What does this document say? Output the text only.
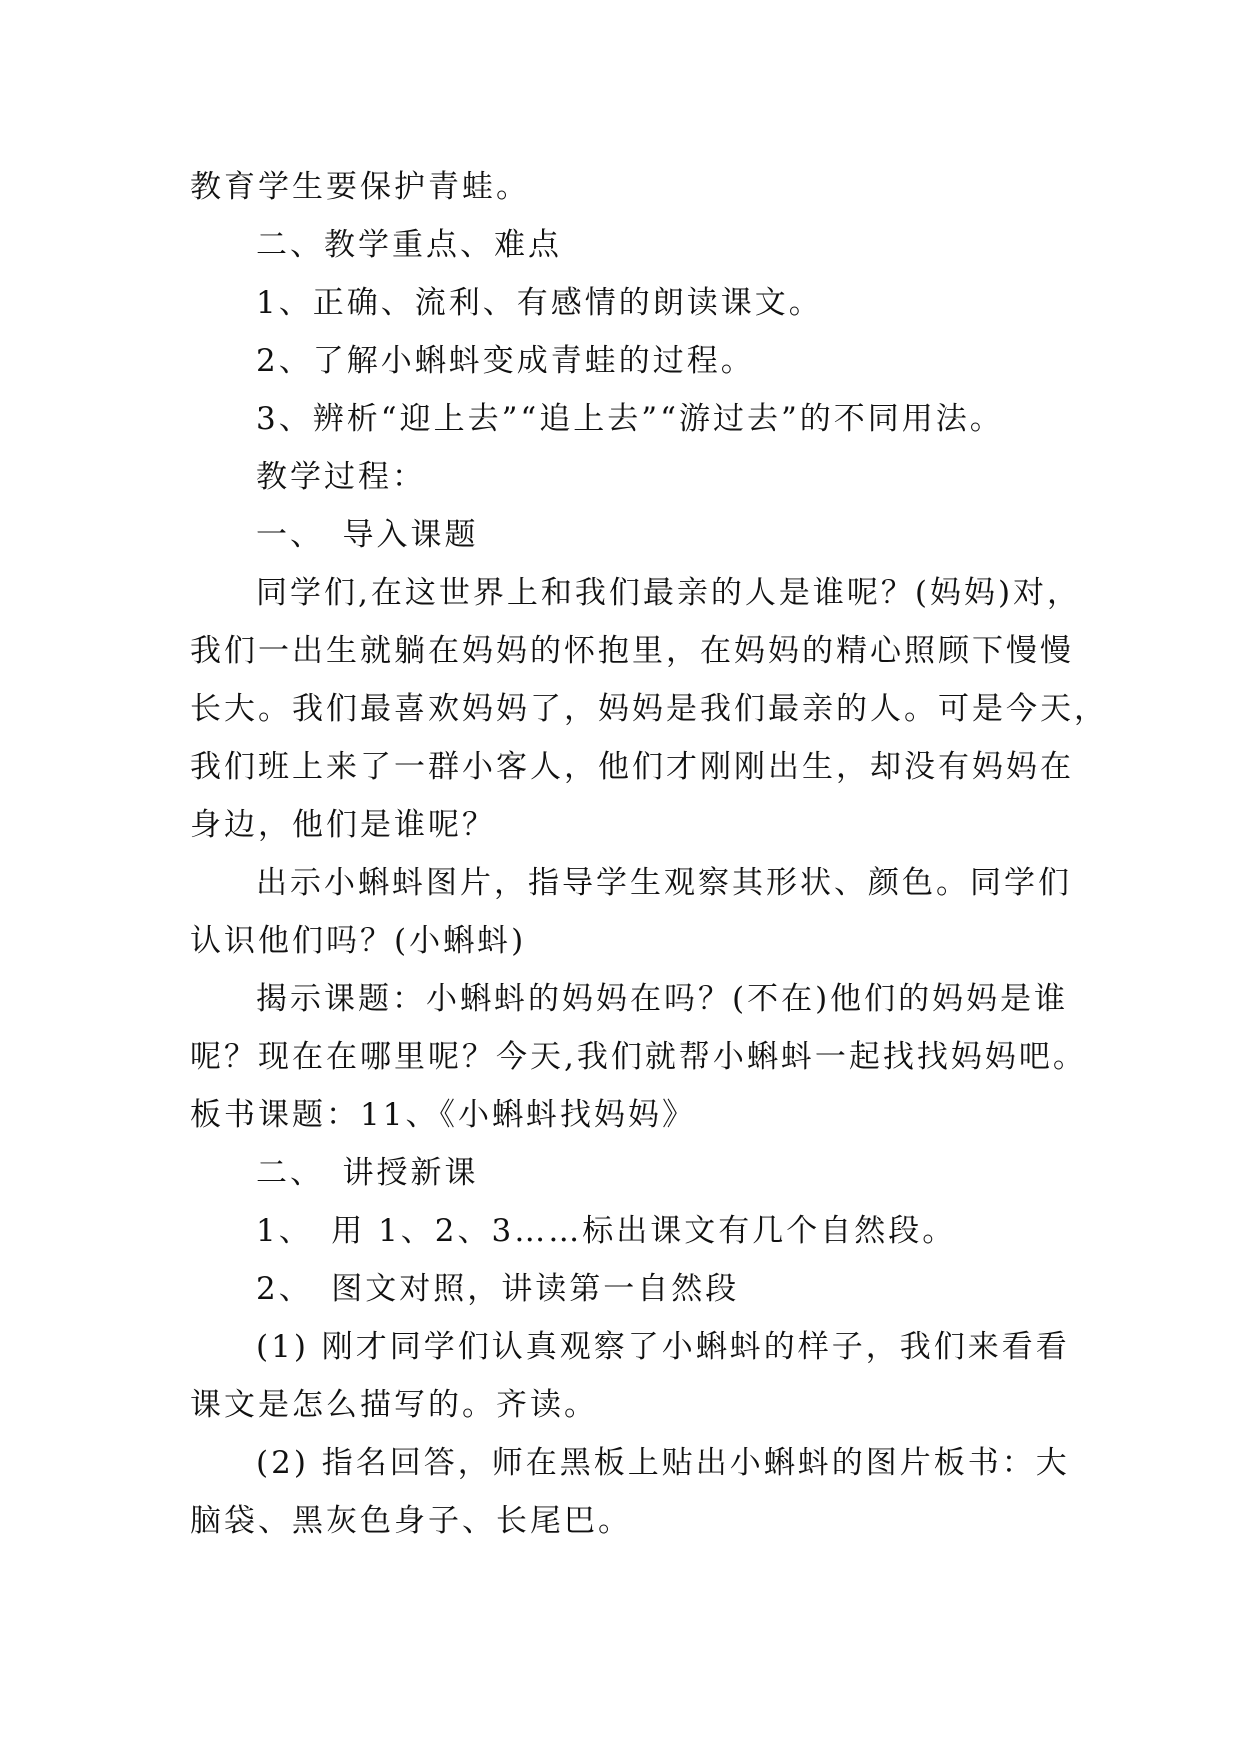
教育学生要保护青蛙。
二、教学重点、难点
1、正确、流利、有感情的朗读课文。
2、了解小蝌蚪变成青蛙的过程。
3、辨析“迎上去”“追上去”“游过去”的不同用法。
教学过程：
一、　导入课题
同学们,在这世界上和我们最亲的人是谁呢？(妈妈)对，
我们一出生就躺在妈妈的怀抱里，在妈妈的精心照顾下慢慢
长大。我们最喜欢妈妈了，妈妈是我们最亲的人。可是今天，
我们班上来了一群小客人，他们才刚刚出生，却没有妈妈在
身边，他们是谁呢？
出示小蝌蚪图片，指导学生观察其形状、颜色。同学们
认识他们吗？(小蝌蚪)
揭示课题：小蝌蚪的妈妈在吗？(不在)他们的妈妈是谁
呢？现在在哪里呢？今天,我们就帮小蝌蚪一起找找妈妈吧。
板书课题：11、《小蝌蚪找妈妈》
二、　讲授新课
1、　用 1、2、3……标出课文有几个自然段。
2、　图文对照，讲读第一自然段
(1) 刚才同学们认真观察了小蝌蚪的样子，我们来看看
课文是怎么描写的。齐读。
(2) 指名回答，师在黑板上贴出小蝌蚪的图片板书：大
脑袋、黑灰色身子、长尾巴。
